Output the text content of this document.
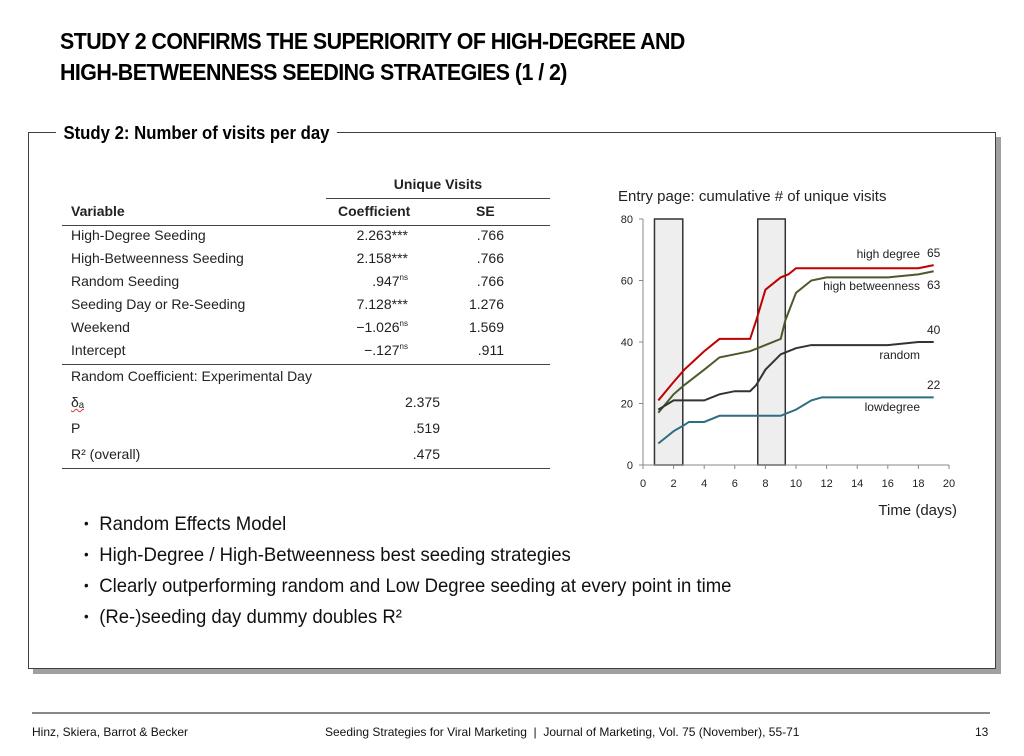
STUDY 2 CONFIRMS THE SUPERIORITY OF HIGH-DEGREE AND
HIGH-BETWEENNESS SEEDING STRATEGIES (1 / 2)
Study 2: Number of visits per day
Unique Visits
Variable	Coefficient	SE
High-Degree Seeding	2.263***	.766
High-Betweenness Seeding	2.158***	.766
Random Seeding	$.947^{ns}$	.766
Seeding Day or Re-Seeding	7.128***	1.276
Weekend	$-1.026^{ns}$	1.569
Intercept	$-.127^{ns}$	.911
Random Coefficient: Experimental Day
δₐ	2.375
P	.519
R² (overall)	.475
Entry page: cumulative # of unique visits
0
20
40
60
80
0 2 4 6 8 10 12 14 16 18 20
Time (days)
high degree 65
high betweenness 63
random
40
lowdegree
22
• Random Effects Model
• High-Degree / High-Betweenness best seeding strategies
• Clearly outperforming random and Low Degree seeding at every point in time
• (Re-)seeding day dummy doubles R²
Hinz, Skiera, Barrot & Becker	Seeding Strategies for Viral Marketing  |  Journal of Marketing, Vol. 75 (November), 55-71	13
